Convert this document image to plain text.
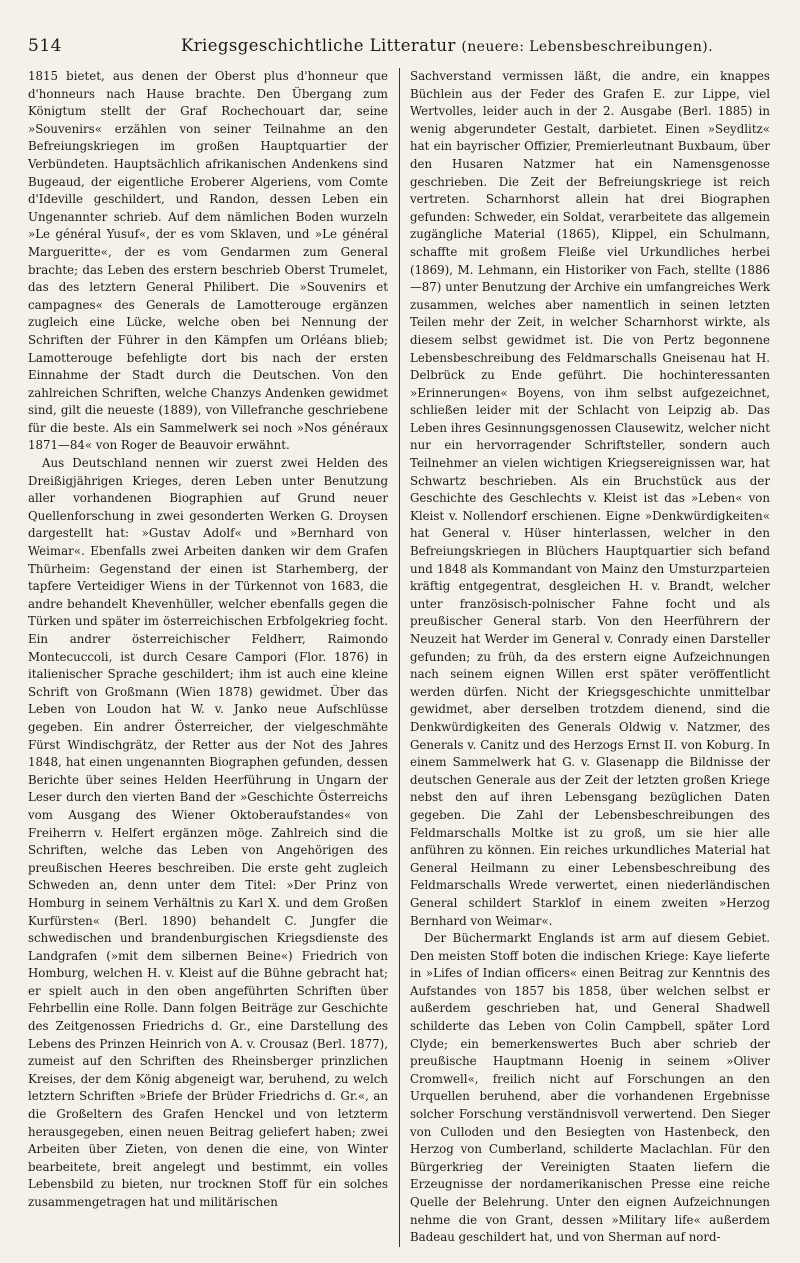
514	Kriegsgeschichtliche Litteratur (neuere: Lebensbeschreibungen).

1815 bietet, aus denen der Oberst plus d'honneur que d'honneurs nach Hause brachte. Den Übergang zum Königtum stellt der Graf Rochechouart dar, seine »Souvenirs« erzählen von seiner Teilnahme an den Befreiungskriegen im großen Hauptquartier der Verbündeten. Hauptsächlich afrikanischen Andenkens sind Bugeaud, der eigentliche Eroberer Algeriens, vom Comte d'Ideville geschildert, und Randon, dessen Leben ein Ungenannter schrieb. Auf dem nämlichen Boden wurzeln »Le général Yusuf«, der es vom Sklaven, und »Le général Margueritte«, der es vom Gendarmen zum General brachte; das Leben des erstern beschrieb Oberst Trumelet, das des letztern General Philibert. Die »Souvenirs et campagnes« des Generals de Lamotterouge ergänzen zugleich eine Lücke, welche oben bei Nennung der Schriften der Führer in den Kämpfen um Orléans blieb; Lamotterouge befehligte dort bis nach der ersten Einnahme der Stadt durch die Deutschen. Von den zahlreichen Schriften, welche Chanzys Andenken gewidmet sind, gilt die neueste (1889), von Villefranche geschriebene für die beste. Als ein Sammelwerk sei noch »Nos généraux 1871—84« von Roger de Beauvoir erwähnt.

Aus Deutschland nennen wir zuerst zwei Helden des Dreißigjährigen Krieges, deren Leben unter Benutzung aller vorhandenen Biographien auf Grund neuer Quellenforschung in zwei gesonderten Werken G. Droysen dargestellt hat: »Gustav Adolf« und »Bernhard von Weimar«. Ebenfalls zwei Arbeiten danken wir dem Grafen Thürheim: Gegenstand der einen ist Starhemberg, der tapfere Verteidiger Wiens in der Türkennot von 1683, die andre behandelt Khevenhüller, welcher ebenfalls gegen die Türken und später im österreichischen Erbfolgekrieg focht. Ein andrer österreichischer Feldherr, Raimondo Montecuccoli, ist durch Cesare Campori (Flor. 1876) in italienischer Sprache geschildert; ihm ist auch eine kleine Schrift von Großmann (Wien 1878) gewidmet. Über das Leben von Loudon hat W. v. Janko neue Aufschlüsse gegeben. Ein andrer Österreicher, der vielgeschmähte Fürst Windischgrätz, der Retter aus der Not des Jahres 1848, hat einen ungenannten Biographen gefunden, dessen Berichte über seines Helden Heerführung in Ungarn der Leser durch den vierten Band der »Geschichte Österreichs vom Ausgang des Wiener Oktoberaufstandes« von Freiherrn v. Helfert ergänzen möge. Zahlreich sind die Schriften, welche das Leben von Angehörigen des preußischen Heeres beschreiben. Die erste geht zugleich Schweden an, denn unter dem Titel: »Der Prinz von Homburg in seinem Verhältnis zu Karl X. und dem Großen Kurfürsten« (Berl. 1890) behandelt C. Jungfer die schwedischen und brandenburgischen Kriegsdienste des Landgrafen (»mit dem silbernen Beine«) Friedrich von Homburg, welchen H. v. Kleist auf die Bühne gebracht hat; er spielt auch in den oben angeführten Schriften über Fehrbellin eine Rolle. Dann folgen Beiträge zur Geschichte des Zeitgenossen Friedrichs d. Gr., eine Darstellung des Lebens des Prinzen Heinrich von A. v. Crousaz (Berl. 1877), zumeist auf den Schriften des Rheinsberger prinzlichen Kreises, der dem König abgeneigt war, beruhend, zu welch letztern Schriften »Briefe der Brüder Friedrichs d. Gr.«, an die Großeltern des Grafen Henckel und von letzterm herausgegeben, einen neuen Beitrag geliefert haben; zwei Arbeiten über Zieten, von denen die eine, von Winter bearbeitete, breit angelegt und bestimmt, ein volles Lebensbild zu bieten, nur trocknen Stoff für ein solches zusammengetragen hat und militärischen

Sachverstand vermissen läßt, die andre, ein knappes Büchlein aus der Feder des Grafen E. zur Lippe, viel Wertvolles, leider auch in der 2. Ausgabe (Berl. 1885) in wenig abgerundeter Gestalt, darbietet. Einen »Seydlitz« hat ein bayrischer Offizier, Premierleutnant Buxbaum, über den Husaren Natzmer hat ein Namensgenosse geschrieben. Die Zeit der Befreiungskriege ist reich vertreten. Scharnhorst allein hat drei Biographen gefunden: Schweder, ein Soldat, verarbeitete das allgemein zugängliche Material (1865), Klippel, ein Schulmann, schaffte mit großem Fleiße viel Urkundliches herbei (1869), M. Lehmann, ein Historiker von Fach, stellte (1886—87) unter Benutzung der Archive ein umfangreiches Werk zusammen, welches aber namentlich in seinen letzten Teilen mehr der Zeit, in welcher Scharnhorst wirkte, als diesem selbst gewidmet ist. Die von Pertz begonnene Lebensbeschreibung des Feldmarschalls Gneisenau hat H. Delbrück zu Ende geführt. Die hochinteressanten »Erinnerungen« Boyens, von ihm selbst aufgezeichnet, schließen leider mit der Schlacht von Leipzig ab. Das Leben ihres Gesinnungsgenossen Clausewitz, welcher nicht nur ein hervorragender Schriftsteller, sondern auch Teilnehmer an vielen wichtigen Kriegsereignissen war, hat Schwartz beschrieben. Als ein Bruchstück aus der Geschichte des Geschlechts v. Kleist ist das »Leben« von Kleist v. Nollendorf erschienen. Eigne »Denkwürdigkeiten« hat General v. Hüser hinterlassen, welcher in den Befreiungskriegen in Blüchers Hauptquartier sich befand und 1848 als Kommandant von Mainz den Umsturzparteien kräftig entgegentrat, desgleichen H. v. Brandt, welcher unter französisch-polnischer Fahne focht und als preußischer General starb. Von den Heerführern der Neuzeit hat Werder im General v. Conrady einen Darsteller gefunden; zu früh, da des erstern eigne Aufzeichnungen nach seinem eignen Willen erst später veröffentlicht werden dürfen. Nicht der Kriegsgeschichte unmittelbar gewidmet, aber derselben trotzdem dienend, sind die Denkwürdigkeiten des Generals Oldwig v. Natzmer, des Generals v. Canitz und des Herzogs Ernst II. von Koburg. In einem Sammelwerk hat G. v. Glasenapp die Bildnisse der deutschen Generale aus der Zeit der letzten großen Kriege nebst den auf ihren Lebensgang bezüglichen Daten gegeben. Die Zahl der Lebensbeschreibungen des Feldmarschalls Moltke ist zu groß, um sie hier alle anführen zu können. Ein reiches urkundliches Material hat General Heilmann zu einer Lebensbeschreibung des Feldmarschalls Wrede verwertet, einen niederländischen General schildert Starklof in einem zweiten »Herzog Bernhard von Weimar«.

Der Büchermarkt Englands ist arm auf diesem Gebiet. Den meisten Stoff boten die indischen Kriege: Kaye lieferte in »Lifes of Indian officers« einen Beitrag zur Kenntnis des Aufstandes von 1857 bis 1858, über welchen selbst er außerdem geschrieben hat, und General Shadwell schilderte das Leben von Colin Campbell, später Lord Clyde; ein bemerkenswertes Buch aber schrieb der preußische Hauptmann Hoenig in seinem »Oliver Cromwell«, freilich nicht auf Forschungen an den Urquellen beruhend, aber die vorhandenen Ergebnisse solcher Forschung verständnisvoll verwertend. Den Sieger von Culloden und den Besiegten von Hastenbeck, den Herzog von Cumberland, schilderte Maclachlan. Für den Bürgerkrieg der Vereinigten Staaten liefern die Erzeugnisse der nordamerikanischen Presse eine reiche Quelle der Belehrung. Unter den eignen Aufzeichnungen nehme die von Grant, dessen »Military life« außerdem Badeau geschildert hat, und von Sherman auf nord-
